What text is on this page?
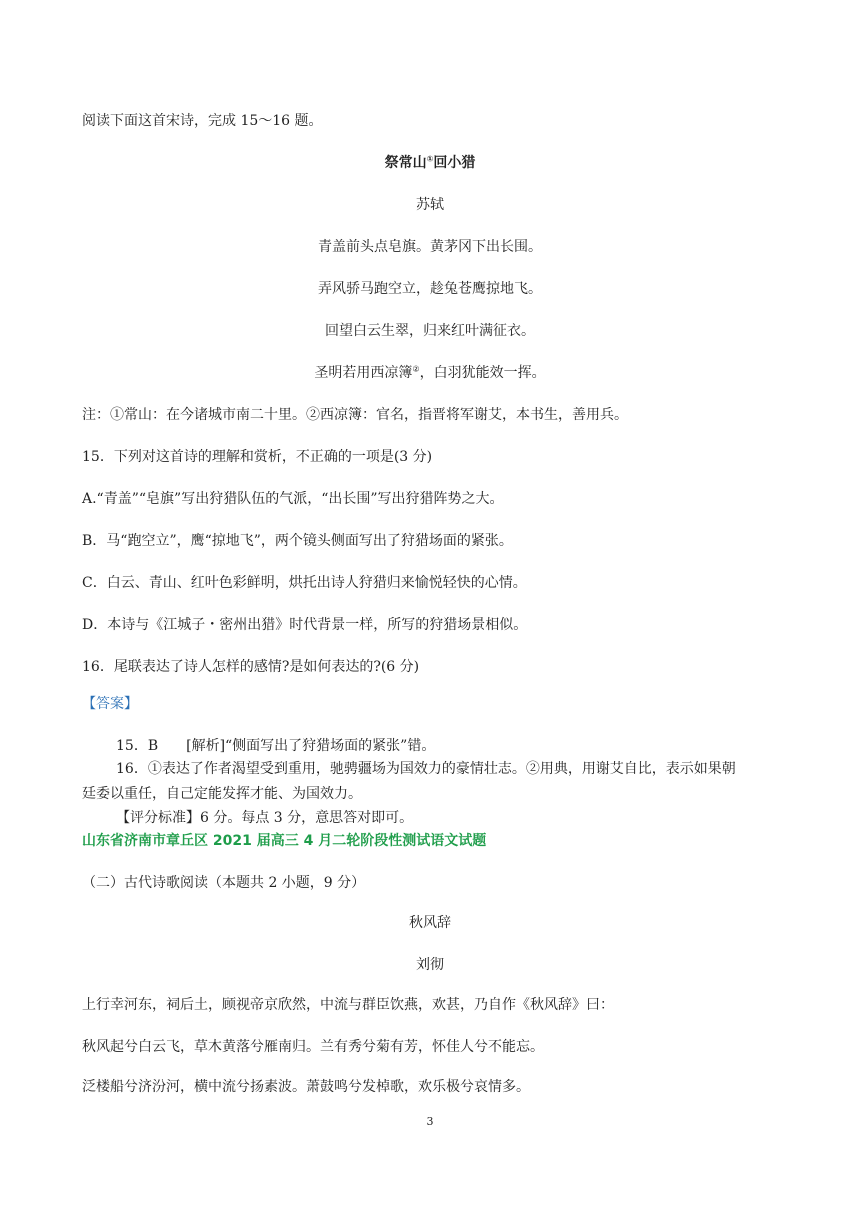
阅读下面这首宋诗，完成 15～16 题。
祭常山①回小猎
苏轼
青盖前头点皂旗。黄茅冈下出长围。
弄风骄马跑空立，趁兔苍鹰掠地飞。
回望白云生翠，归来红叶满征衣。
圣明若用西凉簿②，白羽犹能效一挥。
注：①常山：在今诸城市南二十里。②西凉簿：官名，指晋将军谢艾，本书生，善用兵。
15．下列对这首诗的理解和赏析，不正确的一项是(3 分)
A.“青盖”“皂旗”写出狩猎队伍的气派，“出长围”写出狩猎阵势之大。
B．马“跑空立”，鹰“掠地飞”，两个镜头侧面写出了狩猎场面的紧张。
C．白云、青山、红叶色彩鲜明，烘托出诗人狩猎归来愉悦轻快的心情。
D．本诗与《江城子・密州出猎》时代背景一样，所写的狩猎场景相似。
16．尾联表达了诗人怎样的感情?是如何表达的?(6 分)
【答案】
15．B　　[解析]“侧面写出了狩猎场面的紧张”错。
16．①表达了作者渴望受到重用，驰骋疆场为国效力的豪情壮志。②用典，用谢艾自比，表示如果朝
廷委以重任，自己定能发挥才能、为国效力。
【评分标准】6 分。每点 3 分，意思答对即可。
山东省济南市章丘区 2021 届高三 4 月二轮阶段性测试语文试题
（二）古代诗歌阅读（本题共 2 小题，9 分）
秋风辞
刘彻
上行幸河东，祠后土，顾视帝京欣然，中流与群臣饮燕，欢甚，乃自作《秋风辞》曰：
秋风起兮白云飞，草木黄落兮雁南归。兰有秀兮菊有芳，怀佳人兮不能忘。
泛楼船兮济汾河，横中流兮扬素波。萧鼓鸣兮发棹歌，欢乐极兮哀情多。
3
